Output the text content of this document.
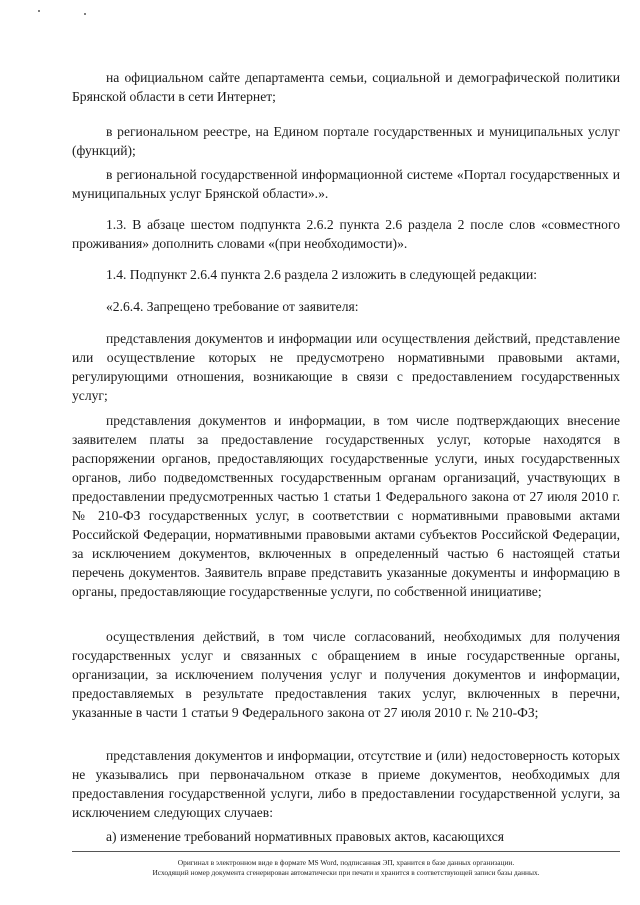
на официальном сайте департамента семьи, социальной и демографической политики Брянской области в сети Интернет;

в региональном реестре, на Едином портале государственных и муниципальных услуг (функций);

в региональной государственной информационной системе «Портал государственных и муниципальных услуг Брянской области».».

1.3. В абзаце шестом подпункта 2.6.2 пункта 2.6 раздела 2 после слов «совместного проживания» дополнить словами «(при необходимости)».

1.4. Подпункт 2.6.4 пункта 2.6 раздела 2 изложить в следующей редакции:

«2.6.4. Запрещено требование от заявителя:

представления документов и информации или осуществления действий, представление или осуществление которых не предусмотрено нормативными правовыми актами, регулирующими отношения, возникающие в связи с предоставлением государственных услуг;

представления документов и информации, в том числе подтверждающих внесение заявителем платы за предоставление государственных услуг, которые находятся в распоряжении органов, предоставляющих государственные услуги, иных государственных органов, либо подведомственных государственным органам организаций, участвующих в предоставлении предусмотренных частью 1 статьи 1 Федерального закона от 27 июля 2010 г. № 210-ФЗ государственных услуг, в соответствии с нормативными правовыми актами Российской Федерации, нормативными правовыми актами субъектов Российской Федерации, за исключением документов, включенных в определенный частью 6 настоящей статьи перечень документов. Заявитель вправе представить указанные документы и информацию в органы, предоставляющие государственные услуги, по собственной инициативе;

осуществления действий, в том числе согласований, необходимых для получения государственных услуг и связанных с обращением в иные государственные органы, организации, за исключением получения услуг и получения документов и информации, предоставляемых в результате предоставления таких услуг, включенных в перечни, указанные в части 1 статьи 9 Федерального закона от 27 июля 2010 г. № 210-ФЗ;

представления документов и информации, отсутствие и (или) недостоверность которых не указывались при первоначальном отказе в приеме документов, необходимых для предоставления государственной услуги, либо в предоставлении государственной услуги, за исключением следующих случаев:

а) изменение требований нормативных правовых актов, касающихся

Оригинал в электронном виде в формате MS Word, подписанная ЭП, хранится в базе данных организации.
Исходящий номер документа сгенерирован автоматически при печати и хранится в соответствующей записи базы данных.
